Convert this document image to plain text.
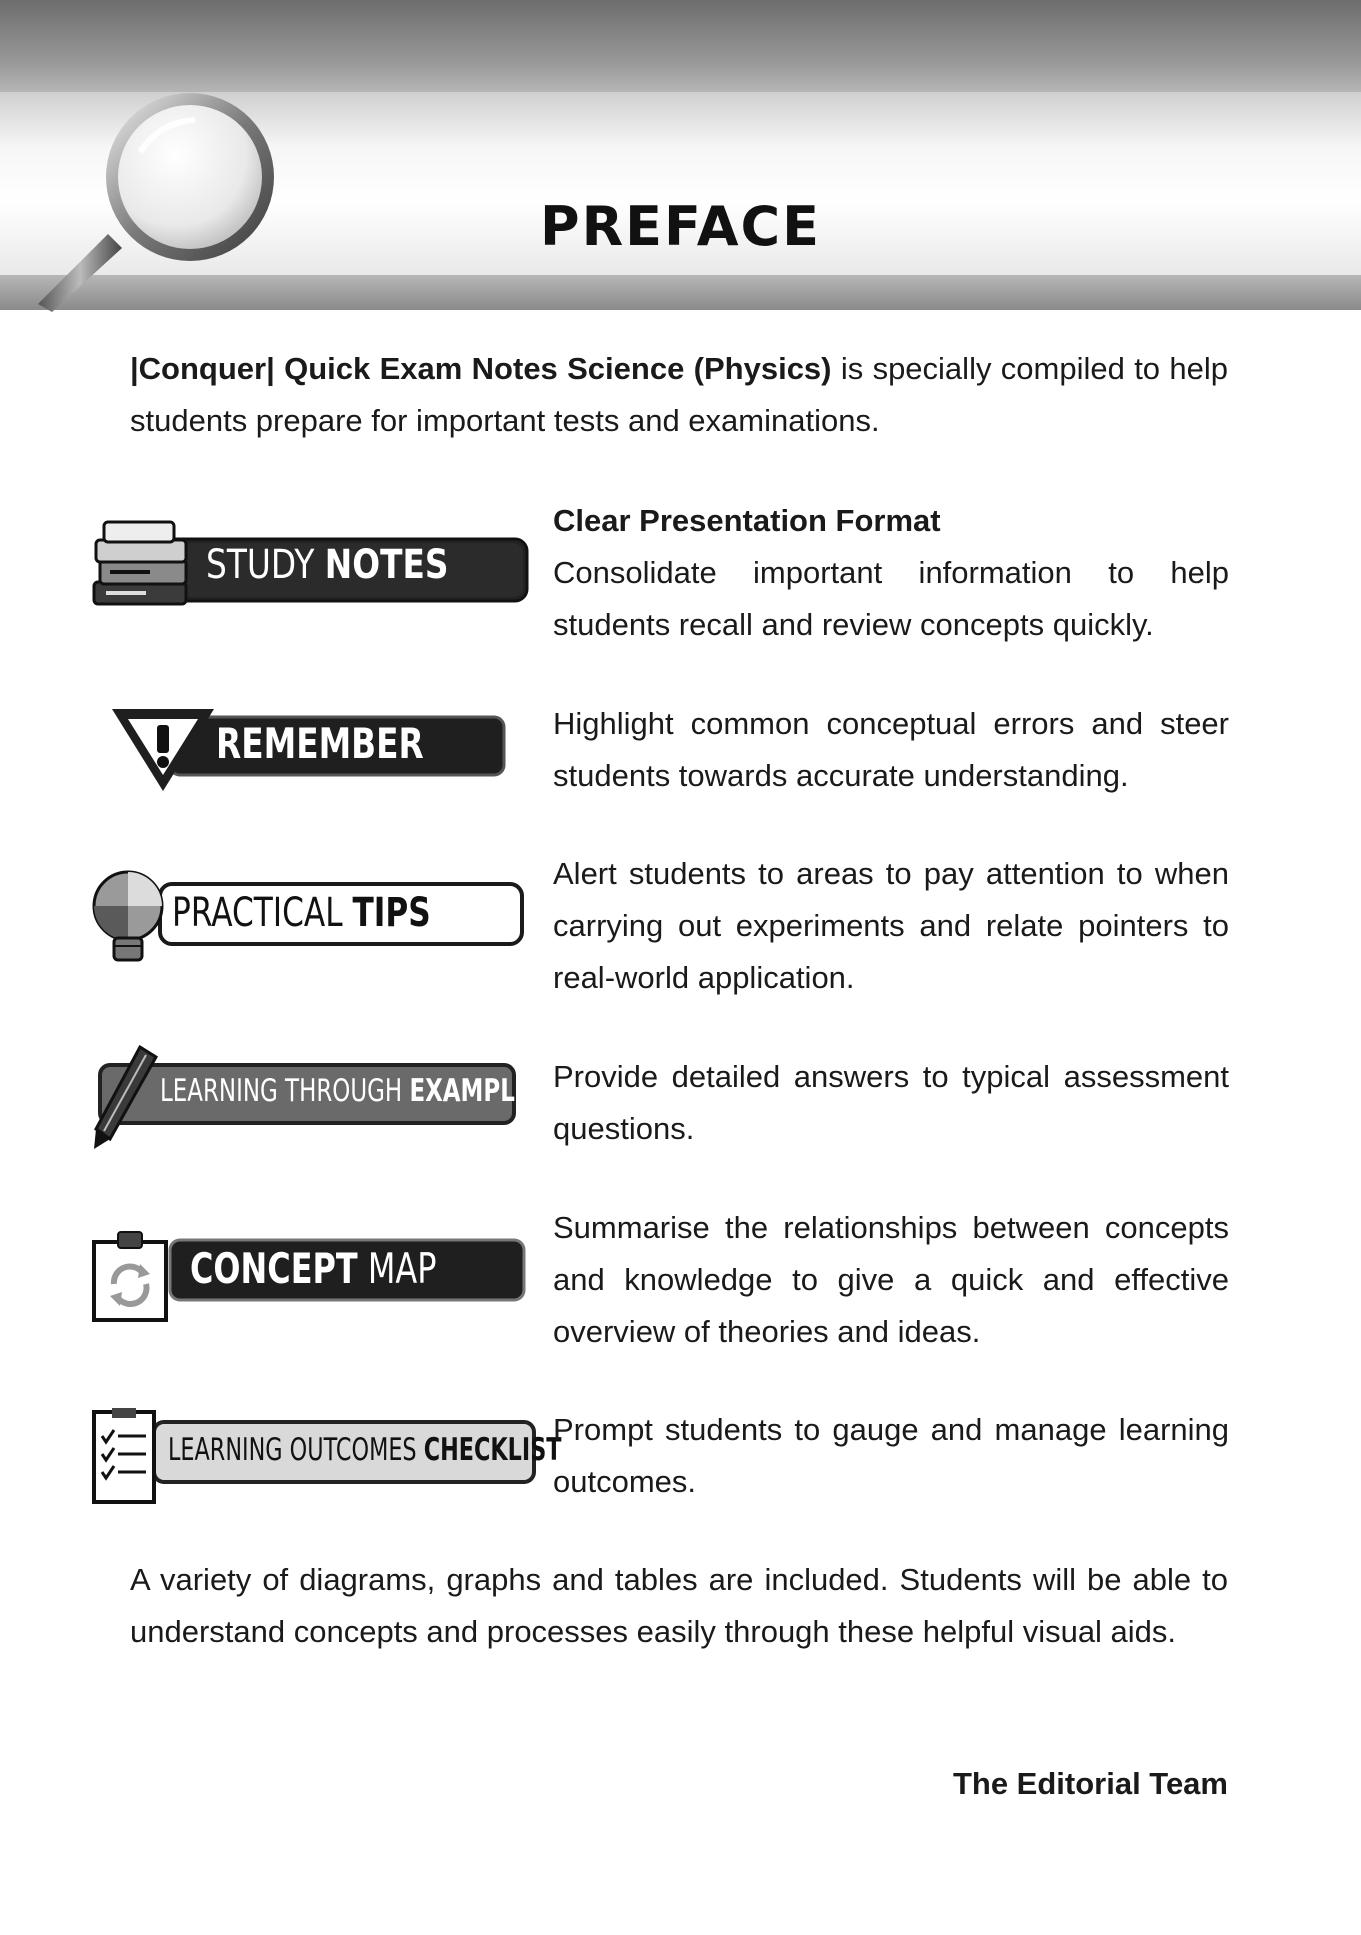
PREFACE

|Conquer| Quick Exam Notes Science (Physics) is specially compiled to help students prepare for important tests and examinations.

STUDY NOTES

Clear Presentation Format
Consolidate important information to help students recall and review concepts quickly.

REMEMBER	Highlight common conceptual errors and steer students towards accurate understanding.

PRACTICAL TIPS

Alert students to areas to pay attention to when carrying out experiments and relate pointers to real-world application.

LEARNING THROUGH EXAMPLES Provide detailed answers to typical assessment questions.

CONCEPT MAP

Summarise the relationships between concepts and knowledge to give a quick and effective overview of theories and ideas.

LEARNING OUTCOMES CHECKLIST

Prompt students to gauge and manage learning outcomes.

A variety of diagrams, graphs and tables are included. Students will be able to understand concepts and processes easily through these helpful visual aids.

The Editorial Team
